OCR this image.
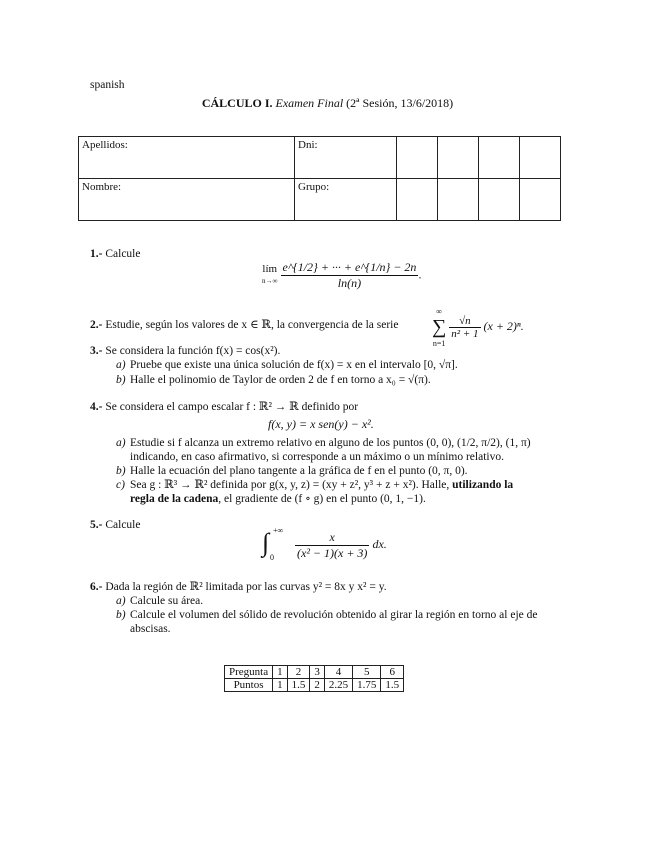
spanish
CÁLCULO I. Examen Final (2ª Sesión, 13/6/2018)
Apellidos:	Dni:				
Nombre:	Grupo:				
1.- Calcule
lím
$n\to\infty \frac{e\^{}\{1/2\} + \cdot\cdot\cdot + e\^{}\{1/n\} - 2n}{\ln(n)}$ .
2.- Estudie, según los valores de x ∈ ℝ, la convergencia de la serie
∞
∑
n=1
$\frac{√n}{\text{n² + 1}} (x + 2)^n$.
3.- Se considera la función f(x) = cos(x²).
a) Pruebe que existe una única solución de f(x) = x en el intervalo [0, √π].
b) Halle el polinomio de Taylor de orden 2 de f en torno a x₀ = √(π).
4.- Se considera el campo escalar f : ℝ² → ℝ definido por
f(x, y) = x sen(y) − x².
a) Estudie si f alcanza un extremo relativo en alguno de los puntos (0, 0), (1/2, π/2), (1, π)
indicando, en caso afirmativo, si corresponde a un máximo o un mínimo relativo.
b) Halle la ecuación del plano tangente a la gráfica de f en el punto (0, π, 0).
c) Sea g : ℝ³ → ℝ² definida por g(x, y, z) = (xy + z², y³ + z + x²). Halle, utilizando la
regla de la cadena, el gradiente de (f ∘ g) en el punto (0, 1, −1).
5.- Calcule
∫ +∞
0
$\frac{x}{\text{(x² − 1)(x + 3)}}$ dx.
6.- Dada la región de ℝ² limitada por las curvas y² = 8x y x² = y.
a) Calcule su área.
b) Calcule el volumen del sólido de revolución obtenido al girar la región en torno al eje de
abscisas.
Pregunta	1	2	3	4	5	6
Puntos	1	1.5	2	2.25	1.75	1.5
